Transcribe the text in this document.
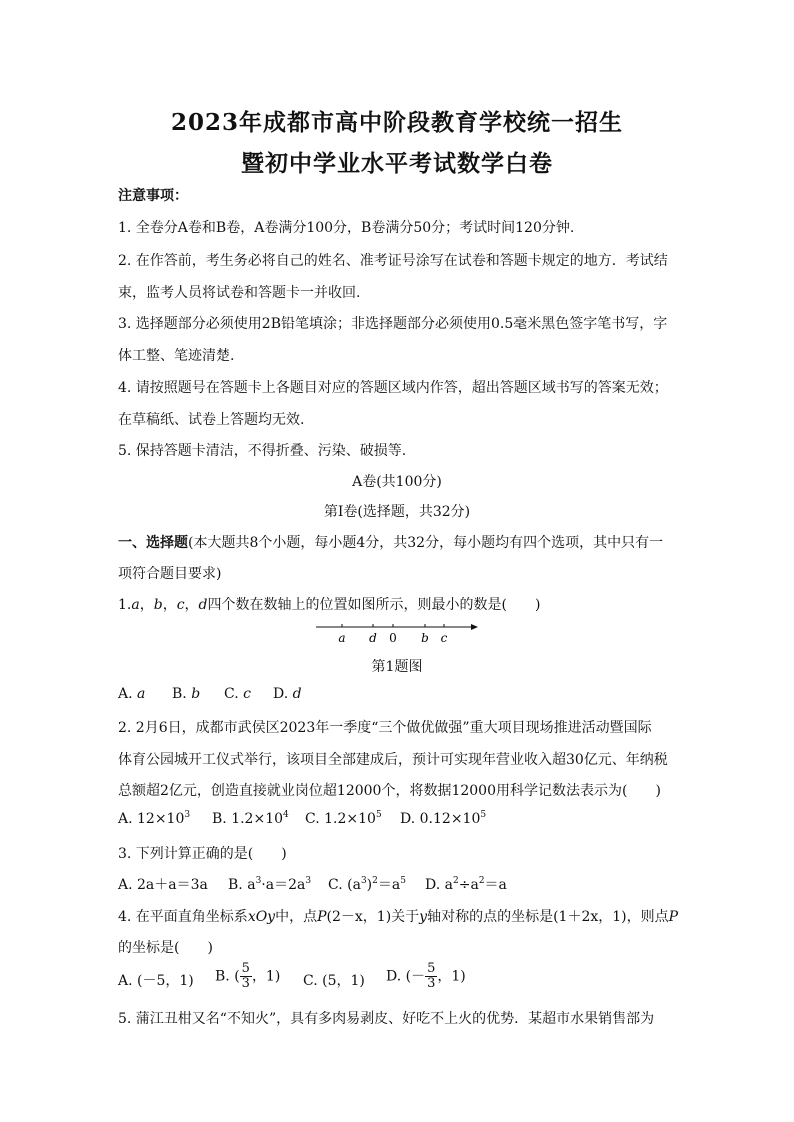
2023年成都市高中阶段教育学校统一招生
暨初中学业水平考试数学白卷
注意事项：
1. 全卷分A卷和B卷，A卷满分100分，B卷满分50分；考试时间120分钟.
2. 在作答前，考生务必将自己的姓名、准考证号涂写在试卷和答题卡规定的地方．考试结
束，监考人员将试卷和答题卡一并收回.
3. 选择题部分必须使用2B铅笔填涂；非选择题部分必须使用0.5毫米黑色签字笔书写，字
体工整、笔迹清楚.
4. 请按照题号在答题卡上各题目对应的答题区域内作答，超出答题区域书写的答案无效；
在草稿纸、试卷上答题均无效.
5. 保持答题卡清洁，不得折叠、污染、破损等.
A卷(共100分)
第Ⅰ卷(选择题，共32分)
一、选择题(本大题共8个小题，每小题4分，共32分，每小题均有四个选项，其中只有一
项符合题目要求)
1.a，b，c，d四个数在数轴上的位置如图所示，则最小的数是(　　)
a d 0 b c
第1题图
A. a B. b C. c D. d
2. 2月6日，成都市武侯区2023年一季度“三个做优做强”重大项目现场推进活动暨国际
体育公园城开工仪式举行，该项目全部建成后，预计可实现年营业收入超30亿元、年纳税
总额超2亿元，创造直接就业岗位超12000个，将数据12000用科学记数法表示为(　　)
A. $12\times 10^3$ B. $1.2\times 10^4$ C. $1.2\times 10^5$ D. $0.12\times 10^5$
3. 下列计算正确的是(　　)
A. 2a＋a＝3a B. $a^3\cdot a=2a^3$ C. $(a^3)^2=a^5$ D. $a^2\div a^2=a$
4. 在平面直角坐标系xOy中，点P(2－x，1)关于y轴对称的点的坐标是(1＋2x，1)，则点P
的坐标是(　　)
A. (－5，1) B. ( $\frac{5}{3}$ ，1) C. (5，1) D. (－ $\frac{5}{3}$ ，1)
5. 蒲江丑柑又名“不知火”，具有多肉易剥皮、好吃不上火的优势．某超市水果销售部为
